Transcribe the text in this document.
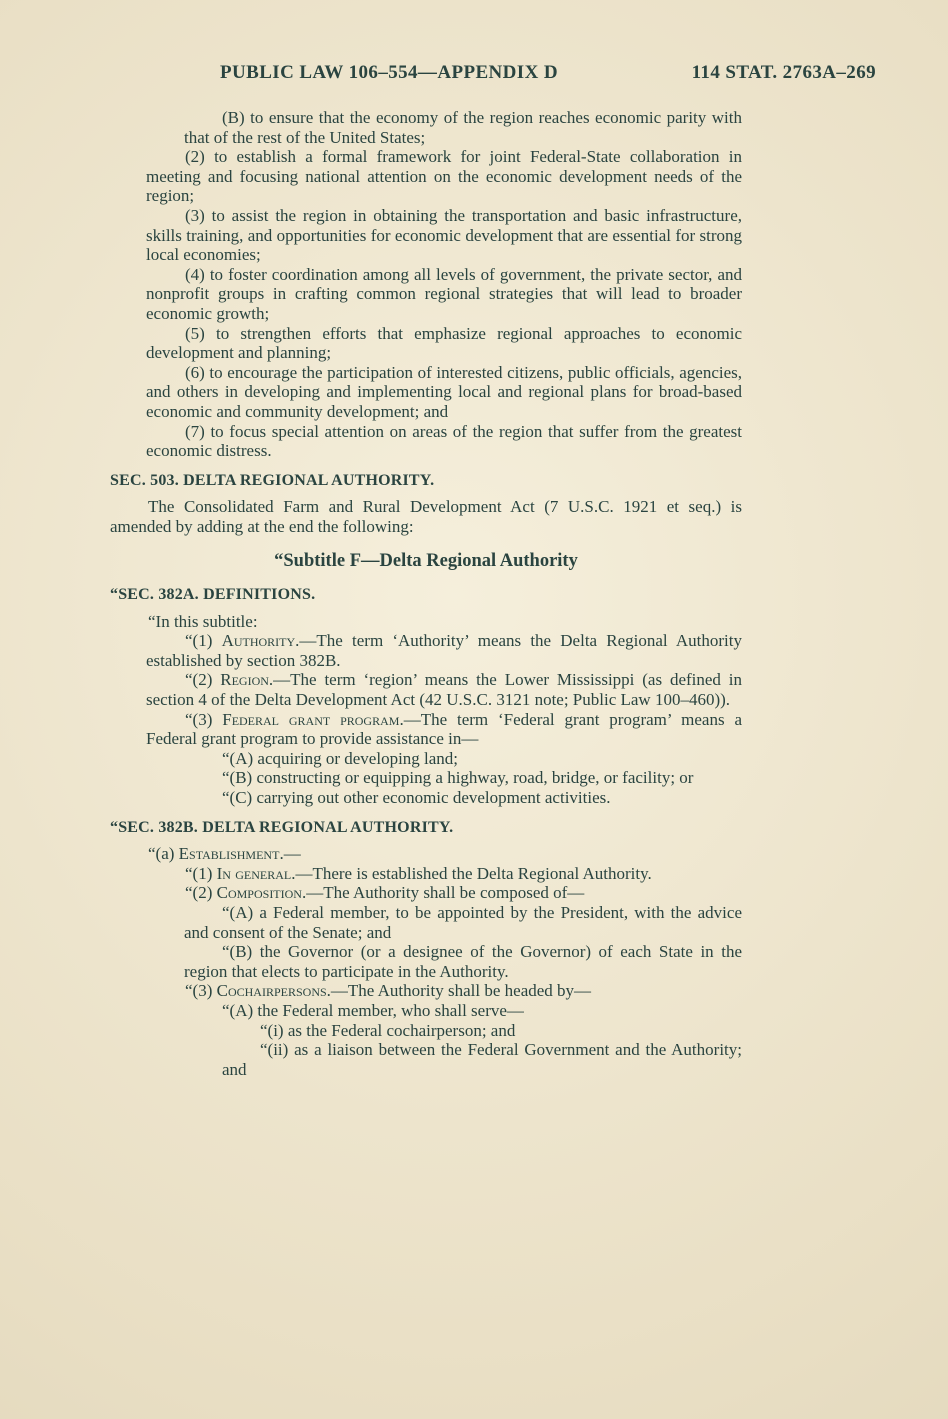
PUBLIC LAW 106–554—APPENDIX D	114 STAT. 2763A–269

(B) to ensure that the economy of the region reaches economic parity with that of the rest of the United States;

(2) to establish a formal framework for joint Federal-State collaboration in meeting and focusing national attention on the economic development needs of the region;

(3) to assist the region in obtaining the transportation and basic infrastructure, skills training, and opportunities for economic development that are essential for strong local economies;

(4) to foster coordination among all levels of government, the private sector, and nonprofit groups in crafting common regional strategies that will lead to broader economic growth;

(5) to strengthen efforts that emphasize regional approaches to economic development and planning;

(6) to encourage the participation of interested citizens, public officials, agencies, and others in developing and implementing local and regional plans for broad-based economic and community development; and

(7) to focus special attention on areas of the region that suffer from the greatest economic distress.

SEC. 503. DELTA REGIONAL AUTHORITY.

The Consolidated Farm and Rural Development Act (7 U.S.C. 1921 et seq.) is amended by adding at the end the following:

“Subtitle F—Delta Regional Authority

“SEC. 382A. DEFINITIONS.

“In this subtitle:

“(1) Authority.—The term ‘Authority’ means the Delta Regional Authority established by section 382B.

“(2) Region.—The term ‘region’ means the Lower Mississippi (as defined in section 4 of the Delta Development Act (42 U.S.C. 3121 note; Public Law 100–460)).

“(3) Federal grant program.—The term ‘Federal grant program’ means a Federal grant program to provide assistance in—

“(A) acquiring or developing land;

“(B) constructing or equipping a highway, road, bridge, or facility; or

“(C) carrying out other economic development activities.

“SEC. 382B. DELTA REGIONAL AUTHORITY.

“(a) Establishment.—

“(1) In general.—There is established the Delta Regional Authority.

“(2) Composition.—The Authority shall be composed of—

“(A) a Federal member, to be appointed by the President, with the advice and consent of the Senate; and

“(B) the Governor (or a designee of the Governor) of each State in the region that elects to participate in the Authority.

“(3) Cochairpersons.—The Authority shall be headed by—

“(A) the Federal member, who shall serve—

“(i) as the Federal cochairperson; and

“(ii) as a liaison between the Federal Government and the Authority; and
